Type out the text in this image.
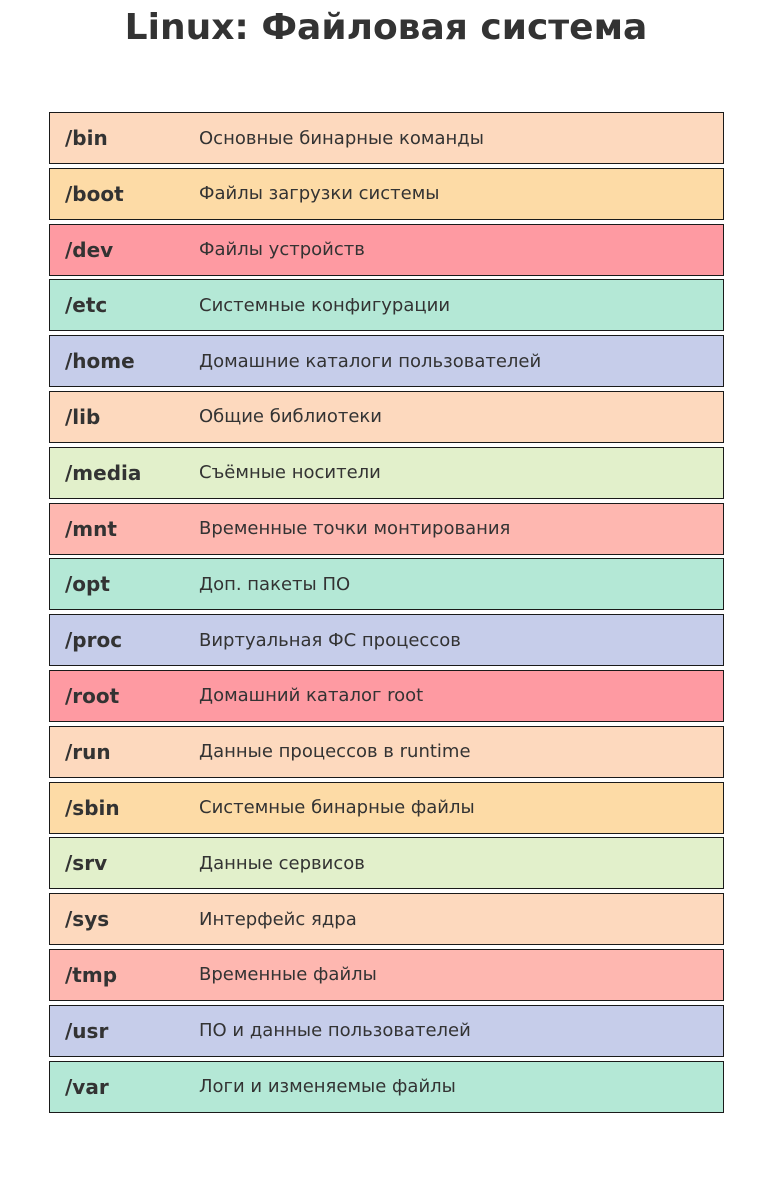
Linux: Файловая система
/bin	Основные бинарные команды
/boot	Файлы загрузки системы
/dev	Файлы устройств
/etc	Системные конфигурации
/home	Домашние каталоги пользователей
/lib	Общие библиотеки
/media	Съёмные носители
/mnt	Временные точки монтирования
/opt	Доп. пакеты ПО
/proc	Виртуальная ФС процессов
/root	Домашний каталог root
/run	Данные процессов в runtime
/sbin	Системные бинарные файлы
/srv	Данные сервисов
/sys	Интерфейс ядра
/tmp	Временные файлы
/usr	ПО и данные пользователей
/var	Логи и изменяемые файлы
